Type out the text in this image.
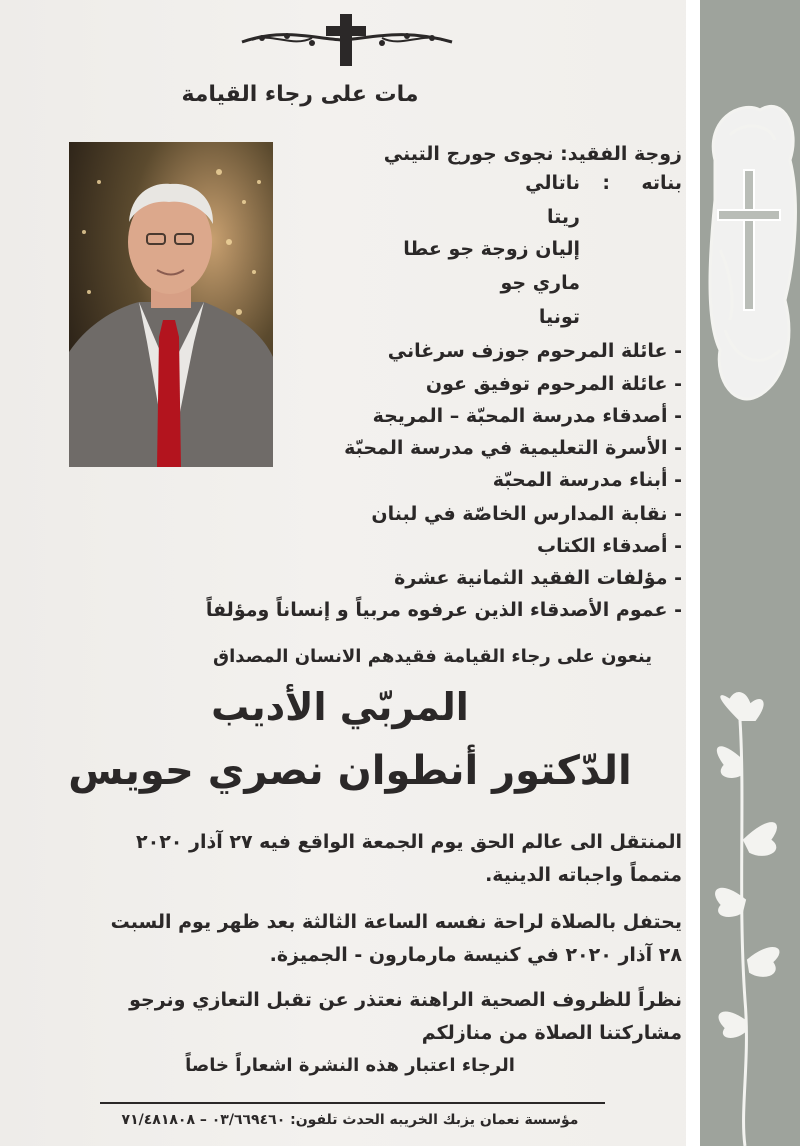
مات على رجاء القيامة
زوجة الفقيد: نجوى جورج التيني
بناته
:
ناتالي
ريتا
إليان زوجة جو عطا
ماري جو
تونيا
- عائلة المرحوم جوزف سرغاني
- عائلة المرحوم توفيق عون
- أصدقاء مدرسة المحبّة – المريجة
- الأسرة التعليمية في مدرسة المحبّة
- أبناء مدرسة المحبّة
- نقابة المدارس الخاصّة في لبنان
- أصدقاء الكتاب
- مؤلفات الفقيد الثمانية عشرة
- عموم الأصدقاء الذين عرفوه مربياً و إنساناً ومؤلفاً
ينعون على رجاء القيامة فقيدهم الانسان المصداق
المربّي الأديب
الدّكتور أنطوان نصري حويس
المنتقل الى عالم الحق يوم الجمعة الواقع فيه ٢٧ آذار ٢٠٢٠ متمماً واجباته الدينية.
يحتفل بالصلاة لراحة نفسه الساعة الثالثة بعد ظهر يوم السبت ٢٨ آذار ٢٠٢٠ في كنيسة مارمارون - الجميزة.
نظراً للظروف الصحية الراهنة نعتذر عن تقبل التعازي ونرجو مشاركتنا الصلاة من منازلكم
الرجاء اعتبار هذه النشرة اشعاراً خاصاً
مؤسسة نعمان يزبك الخريبه الحدث تلفون: ٠٣/٦٦٩٤٦٠ – ٧١/٤٨١٨٠٨
